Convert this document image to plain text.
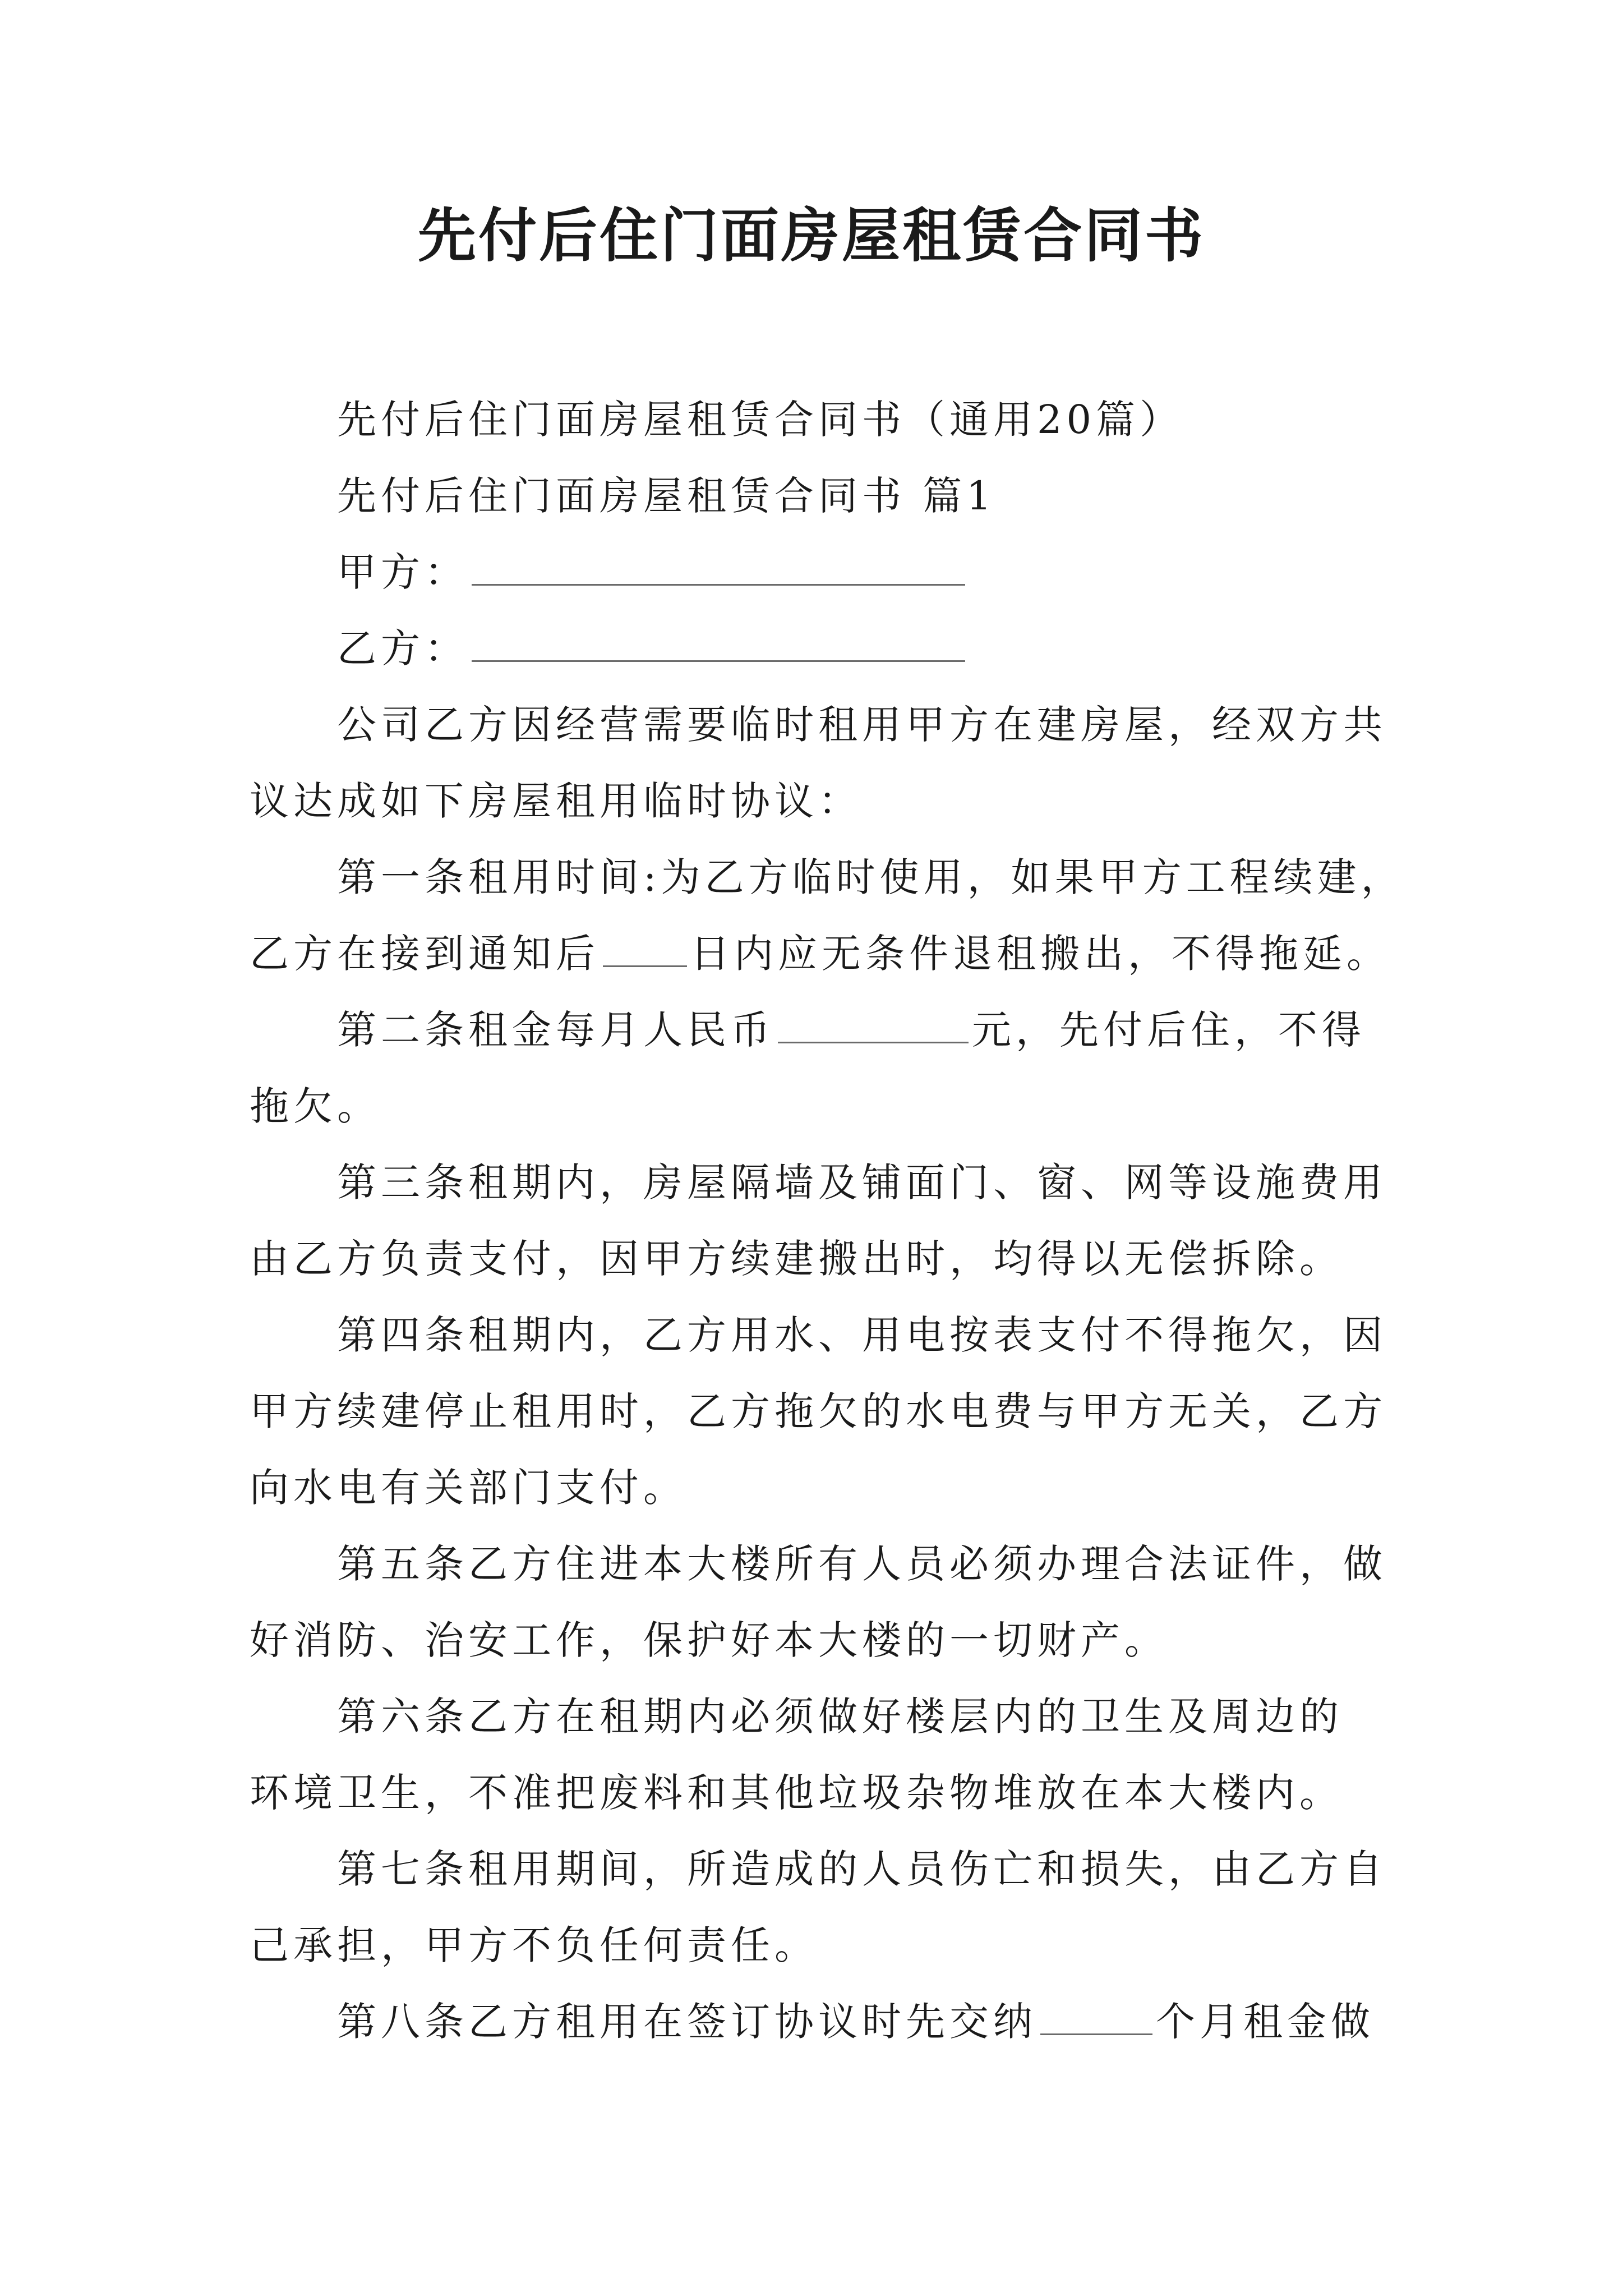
先付后住门面房屋租赁合同书
先付后住门面房屋租赁合同书（通用20篇）
先付后住门面房屋租赁合同书 篇1
甲方：
乙方：
公司乙方因经营需要临时租用甲方在建房屋，经双方共
议达成如下房屋租用临时协议：
第一条租用时间:为乙方临时使用，如果甲方工程续建，
乙方在接到通知后 日内应无条件退租搬出，不得拖延。
第二条租金每月人民币	元，先付后住，不得
拖欠。
第三条租期内，房屋隔墙及铺面门、窗、网等设施费用
由乙方负责支付，因甲方续建搬出时，均得以无偿拆除。
第四条租期内，乙方用水、用电按表支付不得拖欠，因
甲方续建停止租用时，乙方拖欠的水电费与甲方无关，乙方
向水电有关部门支付。
第五条乙方住进本大楼所有人员必须办理合法证件，做
好消防、治安工作，保护好本大楼的一切财产。
第六条乙方在租期内必须做好楼层内的卫生及周边的
环境卫生，不准把废料和其他垃圾杂物堆放在本大楼内。
第七条租用期间，所造成的人员伤亡和损失，由乙方自
己承担，甲方不负任何责任。
第八条乙方租用在签订协议时先交纳	个月租金做
